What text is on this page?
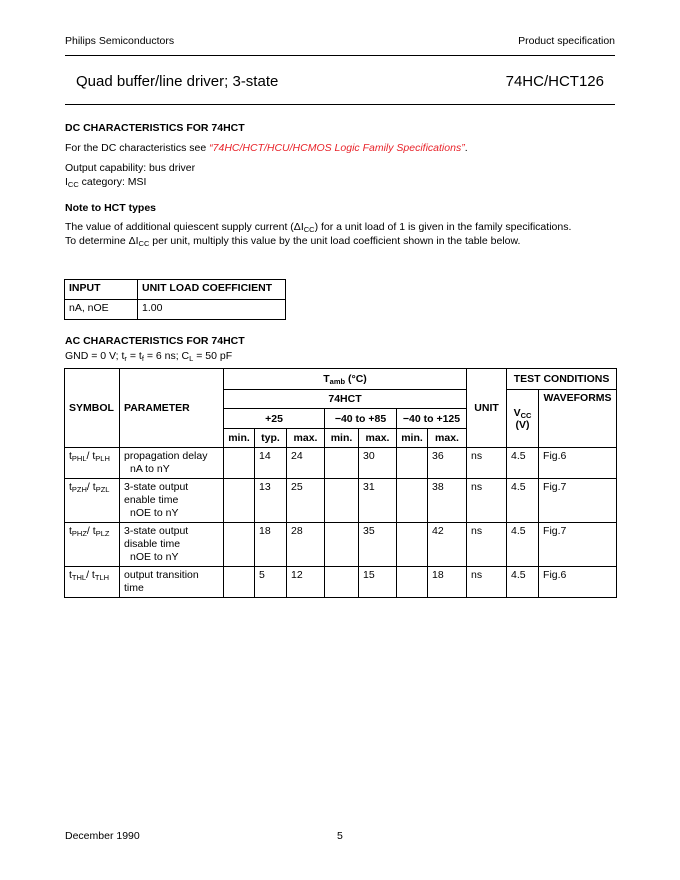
Philips Semiconductors	Product specification
Quad buffer/line driver; 3-state	74HC/HCT126
DC CHARACTERISTICS FOR 74HCT

For the DC characteristics see “74HC/HCT/HCU/HCMOS Logic Family Specifications”.

Output capability: bus driver

$I_{CC}$ category: MSI

Note to HCT types

The value of additional quiescent supply current $(\Delta I_{CC})$ for a unit load of 1 is given in the family specifications.

To determine $\Delta I_{CC}$ per unit, multiply this value by the unit load coefficient shown in the table below.

INPUT	UNIT LOAD COEFFICIENT
nA, nOE	1.00
AC CHARACTERISTICS FOR 74HCT

GND = 0 V; $t_r = t_f = 6$ ns; $C_L = 50$ pF

SYMBOL	PARAMETER	$T_{amb}$ (°C)							UNIT	TEST CONDITIONS	
		74HCT								$V_{CC}$
(V)	WAVEFORMS
		+25			−40 to +85		−40 to +125				
		min.	typ.	max.	min.	max.	min.	max.			
$t_{PHL}/$ $t_{PLH}$	propagation delay
nA to nY		14	24		30		36	ns	4.5	Fig.6
$t_{PZH}/$ $t_{PZL}$	3-state output
enable time
nOE to nY		13	25		31		38	ns	4.5	Fig.7
$t_{PHZ}/$ $t_{PLZ}$	3-state output
disable time
nOE to nY		18	28		35		42	ns	4.5	Fig.7
$t_{THL}/$ $t_{TLH}$	output transition
time		5	12		15		18	ns	4.5	Fig.6
December 1990	5
